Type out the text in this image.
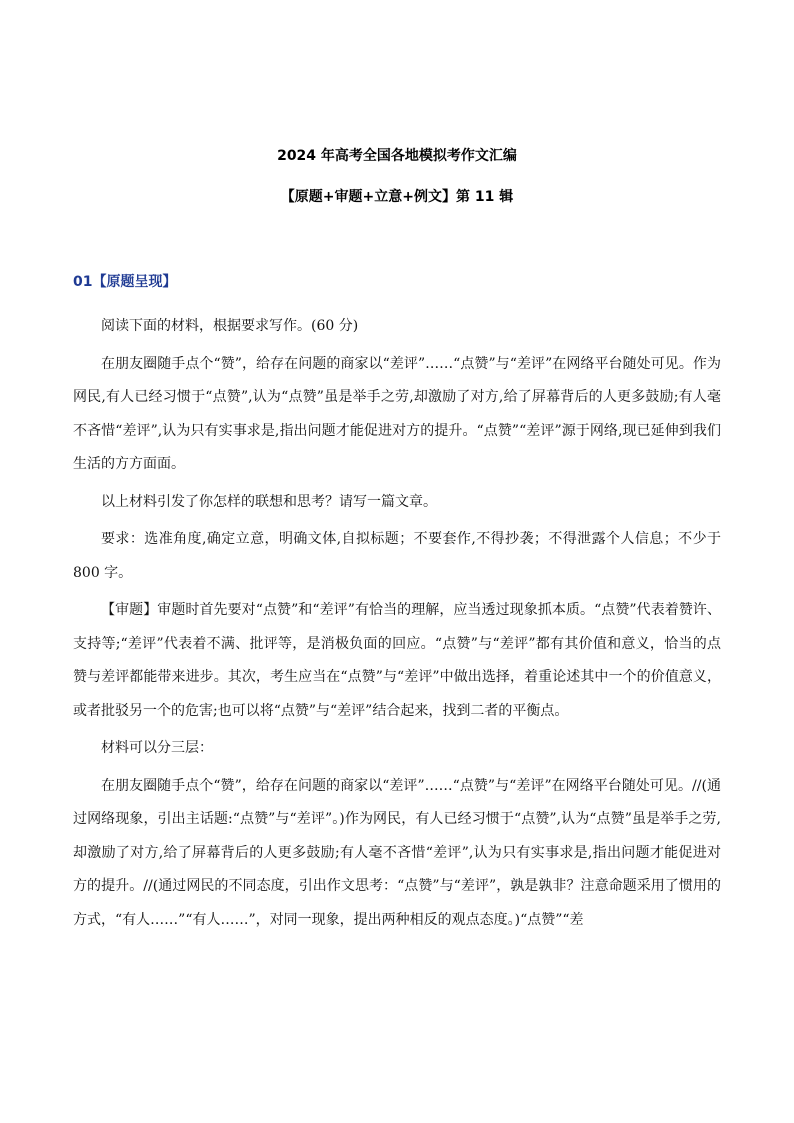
2024 年高考全国各地模拟考作文汇编
【原题+审题+立意+例文】第 11 辑
01【原题呈现】

阅读下面的材料，根据要求写作。(60 分)

在朋友圈随手点个“赞”，给存在问题的商家以“差评”……“点赞”与“差评”在网络平台随处可见。作为网民,有人已经习惯于“点赞”,认为“点赞”虽是举手之劳,却激励了对方,给了屏幕背后的人更多鼓励;有人毫不吝惜“差评”,认为只有实事求是,指出问题才能促进对方的提升。“点赞”“差评”源于网络,现已延伸到我们生活的方方面面。

以上材料引发了你怎样的联想和思考？请写一篇文章。

要求：选准角度,确定立意，明确文体,自拟标题；不要套作,不得抄袭；不得泄露个人信息；不少于 800 字。

【审题】审题时首先要对“点赞”和“差评”有恰当的理解，应当透过现象抓本质。“点赞”代表着赞许、支持等;“差评”代表着不满、批评等，是消极负面的回应。“点赞”与“差评”都有其价值和意义，恰当的点赞与差评都能带来进步。其次，考生应当在“点赞”与“差评”中做出选择，着重论述其中一个的价值意义，或者批驳另一个的危害;也可以将“点赞”与“差评”结合起来，找到二者的平衡点。

材料可以分三层：

在朋友圈随手点个“赞”，给存在问题的商家以“差评”……“点赞”与“差评”在网络平台随处可见。//(通过网络现象，引出主话题:“点赞”与“差评”。)作为网民，有人已经习惯于“点赞”,认为“点赞”虽是举手之劳,却激励了对方,给了屏幕背后的人更多鼓励;有人毫不吝惜“差评”,认为只有实事求是,指出问题才能促进对方的提升。//(通过网民的不同态度，引出作文思考：“点赞”与“差评”，孰是孰非？注意命题采用了惯用的方式，“有人……”“有人……”，对同一现象，提出两种相反的观点态度。)“点赞”“差
